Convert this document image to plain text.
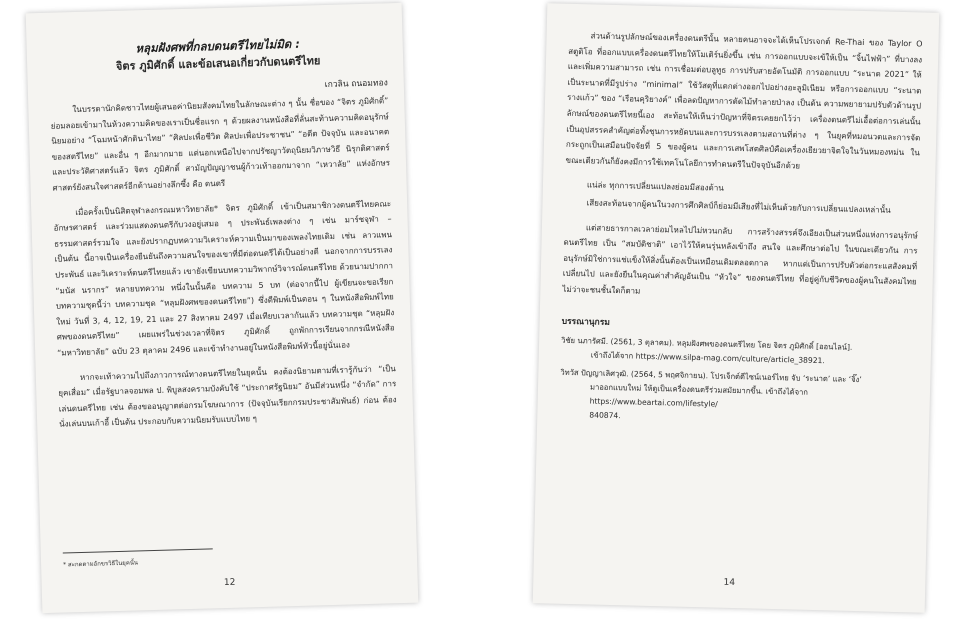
หลุมฝังศพที่กลบดนตรีไทยไม่มิด :

จิตร ภูมิศักดิ์ และข้อเสนอเกี่ยวกับดนตรีไทย

เกวลิน ถนอมทอง

ในบรรดานักคิดชาวไทยผู้เสนอค่านิยมสังคมไทยในลักษณะต่าง ๆ นั้น ชื่อของ “จิตร ภูมิศักดิ์” ย่อมลอยเข้ามาในห้วงความคิดของเราเป็นชื่อแรก ๆ ด้วยผลงานหนังสือที่ลั่นสะท้านความคิดอนุรักษ์นิยมอย่าง “โฉมหน้าศักดินาไทย” “ศิลปะเพื่อชีวิต ศิลปะเพื่อประชาชน” “อดีต ปัจจุบัน และอนาคตของสตรีไทย” และอื่น ๆ อีกมากมาย แต่นอกเหนือไปจากปรัชญาวัตถุนิยมวิภาษวิธี นิรุกติศาสตร์ และประวัติศาสตร์แล้ว จิตร ภูมิศักดิ์ สามัญปัญญาชนผู้ก้าวเท้าออกมาจาก “เหวาลัย” แห่งอักษรศาสตร์ยังสนใจศาสตร์อีกด้านอย่างลึกซึ้ง คือ ดนตรี

เมื่อครั้งเป็นนิสิตจุฬาลงกรณมหาวิทยาลัย* จิตร ภูมิศักดิ์ เข้าเป็นสมาชิกวงดนตรีไทยคณะอักษรศาสตร์ และร่วมแสดงดนตรีกับวงอยู่เสมอ ๆ ประพันธ์เพลงต่าง ๆ เช่น มาร์ชจุฬา – ธรรมศาสตร์รวมใจ และยังปรากฏบทความวิเคราะห์ความเป็นมาของเพลงไทยเดิม เช่น ลาวแพน เป็นต้น นี้อาจเป็นเครื่องยืนยันถึงความสนใจของเขาที่มีต่อดนตรีได้เป็นอย่างดี นอกจากการบรรเลง ประพันธ์ และวิเคราะห์ดนตรีไทยแล้ว เขายังเขียนบทความวิพากษ์วิจารณ์ดนตรีไทย ด้วยนามปากกา “มนัส นรากร” หลายบทความ หนึ่งในนั้นคือ บทความ 5 บท (ต่อจากนี้ไป ผู้เขียนจะขอเรียกบทความชุดนี้ว่า บทความชุด “หลุมฝังศพของดนตรีไทย”) ซึ่งตีพิมพ์เป็นตอน ๆ ในหนังสือพิมพ์ไทยใหม่ วันที่ 3, 4, 12, 19, 21 และ 27 สิงหาคม 2497 เมื่อเทียบเวลากันแล้ว บทความชุด “หลุมฝังศพของดนตรีไทย” เผยแพร่ในช่วงเวลาที่จิตร ภูมิศักดิ์ ถูกพักการเรียนจากกรณีหนังสือ “มหาวิทยาลัย” ฉบับ 23 ตุลาคม 2496 และเข้าทำงานอยู่ในหนังสือพิมพ์หัวนี้อยู่นั่นเอง

หากจะเท้าความไปถึงภาวการณ์ทางดนตรีไทยในยุคนั้น คงต้องนิยามตามที่เรารู้กันว่า “เป็นยุคเสื่อม” เมื่อรัฐบาลจอมพล ป. พิบูลสงครามบังคับใช้ “ประกาศรัฐนิยม” อันมีส่วนหนึ่ง “จำกัด” การเล่นดนตรีไทย เช่น ต้องขออนุญาตต่อกรมโฆษณาการ (ปัจจุบันเรียกกรมประชาสัมพันธ์) ก่อน ต้องนั่งเล่นบนเก้าอี้ เป็นต้น ประกอบกับความนิยมรับแบบไทย ๆ

* สะกดตามอักขรวิธีในยุคนั้น
12

ส่วนด้านรูปลักษณ์ของเครื่องดนตรีนั้น หลายคนอาจจะได้เห็นโปรเจกต์ Re-Thai ของ Taylor O สตูดิโอ ที่ออกแบบเครื่องดนตรีไทยให้โมเดิร์นยิ่งขึ้น เช่น การออกแบบจะเข้ให้เป็น “จิ้นไฟฟ้า” ที่บางลง และเพิ่มความสามารถ เช่น การเชื่อมต่อบลูทูธ การปรับสายอัตโนมัติ การออกแบบ “ระนาด 2021” ให้เป็นระนาดที่มีรูปร่าง “minimal” ใช้วัสดุที่แตกต่างออกไปอย่างอะลูมิเนียม หรือการออกแบบ “ระนาดรางแก้ว” ของ “เรือนคุริยางค์” เพื่อลดปัญหาการตัดไม้ทำลายป่าลง เป็นต้น ความพยายามปรับตัวด้านรูปลักษณ์ของดนตรีไทยนี้เอง สะท้อนให้เห็นว่าปัญหาที่จิตรเคยยกไว้ว่า เครื่องดนตรีไม่เอื้อต่อการเล่นนั้น เป็นอุปสรรคสำคัญต่อทั้งชุนการหยัดบนและการบรรเลงตามสถานที่ต่าง ๆ ในยุคที่หมอนวดและการจัดกระถูกเป็นเสมือนปัจจัยที่ 5 ของผู้คน และการเสพโสตศิลป์คือเครื่องเยียวยาจิตใจในวันหมองหม่น ในขณะเดียวกันก็ยังคงมีการใช้เทคโนโลยีการทำดนตรีในปัจจุบันอีกด้วย

แน่ล่ะ ทุกการเปลี่ยนแปลงย่อมมีสองด้าน

เสียงสะท้อนจากผู้คนในวงการศึกศิลป์ก็ย่อมมีเสียงที่ไม่เห็นด้วยกับการเปลี่ยนแปลงเหล่านั้น

แต่สายธารกาลเวลาย่อมไหลไปไม่หวนกลับ การสร้างสรรค์จึงเอียงเป็นส่วนหนึ่งแห่งการอนุรักษ์ดนตรีไทย เป็น “สมบัติชาติ” เอาไว้ให้คนรุ่นหลังเข้าถึง สนใจ และศึกษาต่อไป ในขณะเดียวกัน การอนุรักษ์มิใช่การแช่แข็งให้สิ่งนั้นต้องเป็นเหมือนเดิมตลอดกาล หากแต่เป็นการปรับตัวต่อกระแสสังคมที่เปลี่ยนไป และยังยืนในคุณค่าสำคัญอันเป็น “หัวใจ” ของดนตรีไทย ที่อยู่คู่กับชีวิตของผู้คนในสังคมไทย ไม่ว่าจะชนชั้นใดก็ตาม

บรรณานุกรม
วิชัย นภารัศมี. (2561, 3 ตุลาคม). หลุมฝังศพของดนตรีไทย โดย จิตร ภูมิศักดิ์ [ออนไลน์].
เข้าถึงได้จาก https://www.silpa-mag.com/culture/article_38921.
วิทวัส ปัญญาเลิศวุฒิ. (2564, 5 พฤศจิกายน). โปรเจ็กต์ดีไซน์เนอร์ไทย จับ ‘ระนาด’ และ ‘จิ๊ง’
มาออกแบบใหม่ ให้ดูเป็นเครื่องดนตรีร่วมสมัยมากขึ้น. เข้าถึงได้จาก
https://www.beartai.com/lifestyle/
840874.
14
